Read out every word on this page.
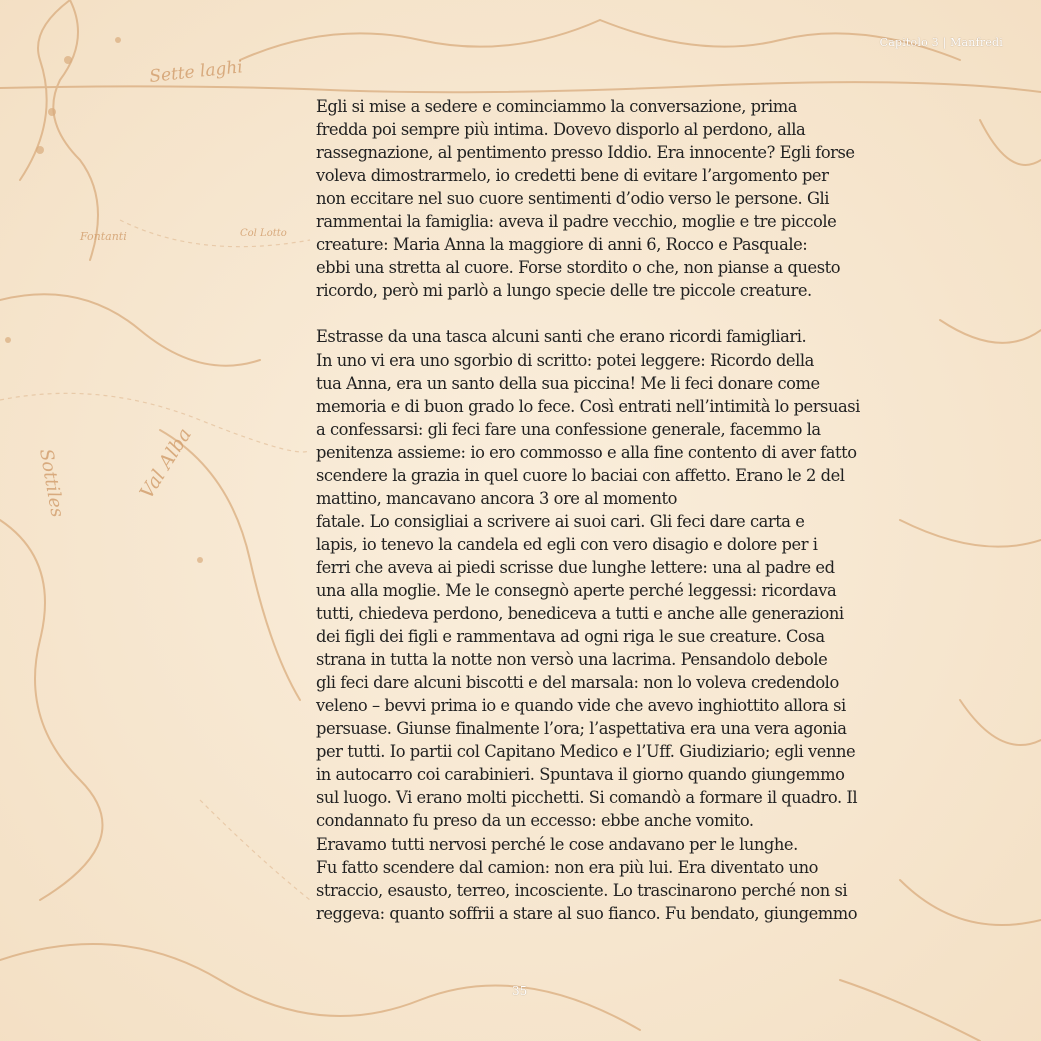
Sette laghi
Val Alba
Sottiles
Fontanti	Col Lotto
Capitolo 3 | Manfredi
Egli si mise a sedere e cominciammo la conversazione, prima
fredda poi sempre più intima. Dovevo disporlo al perdono, alla
rassegnazione, al pentimento presso Iddio. Era innocente? Egli forse
voleva dimostrarmelo, io credetti bene di evitare l’argomento per
non eccitare nel suo cuore sentimenti d’odio verso le persone. Gli
rammentai la famiglia: aveva il padre vecchio, moglie e tre piccole
creature: Maria Anna la maggiore di anni 6, Rocco e Pasquale:
ebbi una stretta al cuore. Forse stordito o che, non pianse a questo
ricordo, però mi parlò a lungo specie delle tre piccole creature.
Estrasse da una tasca alcuni santi che erano ricordi famigliari.
In uno vi era uno sgorbio di scritto: potei leggere: Ricordo della
tua Anna, era un santo della sua piccina! Me li feci donare come
memoria e di buon grado lo fece. Così entrati nell’intimità lo persuasi
a confessarsi: gli feci fare una confessione generale, facemmo la
penitenza assieme: io ero commosso e alla fine contento di aver fatto
scendere la grazia in quel cuore lo baciai con affetto. Erano le 2 del
mattino, mancavano ancora 3 ore al momento
fatale. Lo consigliai a scrivere ai suoi cari. Gli feci dare carta e
lapis, io tenevo la candela ed egli con vero disagio e dolore per i
ferri che aveva ai piedi scrisse due lunghe lettere: una al padre ed
una alla moglie. Me le consegnò aperte perché leggessi: ricordava
tutti, chiedeva perdono, benediceva a tutti e anche alle generazioni
dei figli dei figli e rammentava ad ogni riga le sue creature. Cosa
strana in tutta la notte non versò una lacrima. Pensandolo debole
gli feci dare alcuni biscotti e del marsala: non lo voleva credendolo
veleno – bevvi prima io e quando vide che avevo inghiottito allora si
persuase. Giunse finalmente l’ora; l’aspettativa era una vera agonia
per tutti. Io partii col Capitano Medico e l’Uff. Giudiziario; egli venne
in autocarro coi carabinieri. Spuntava il giorno quando giungemmo
sul luogo. Vi erano molti picchetti. Si comandò a formare il quadro. Il
condannato fu preso da un eccesso: ebbe anche vomito.
Eravamo tutti nervosi perché le cose andavano per le lunghe.
Fu fatto scendere dal camion: non era più lui. Era diventato uno
straccio, esausto, terreo, incosciente. Lo trascinarono perché non si
reggeva: quanto soffrii a stare al suo fianco. Fu bendato, giungemmo
35
